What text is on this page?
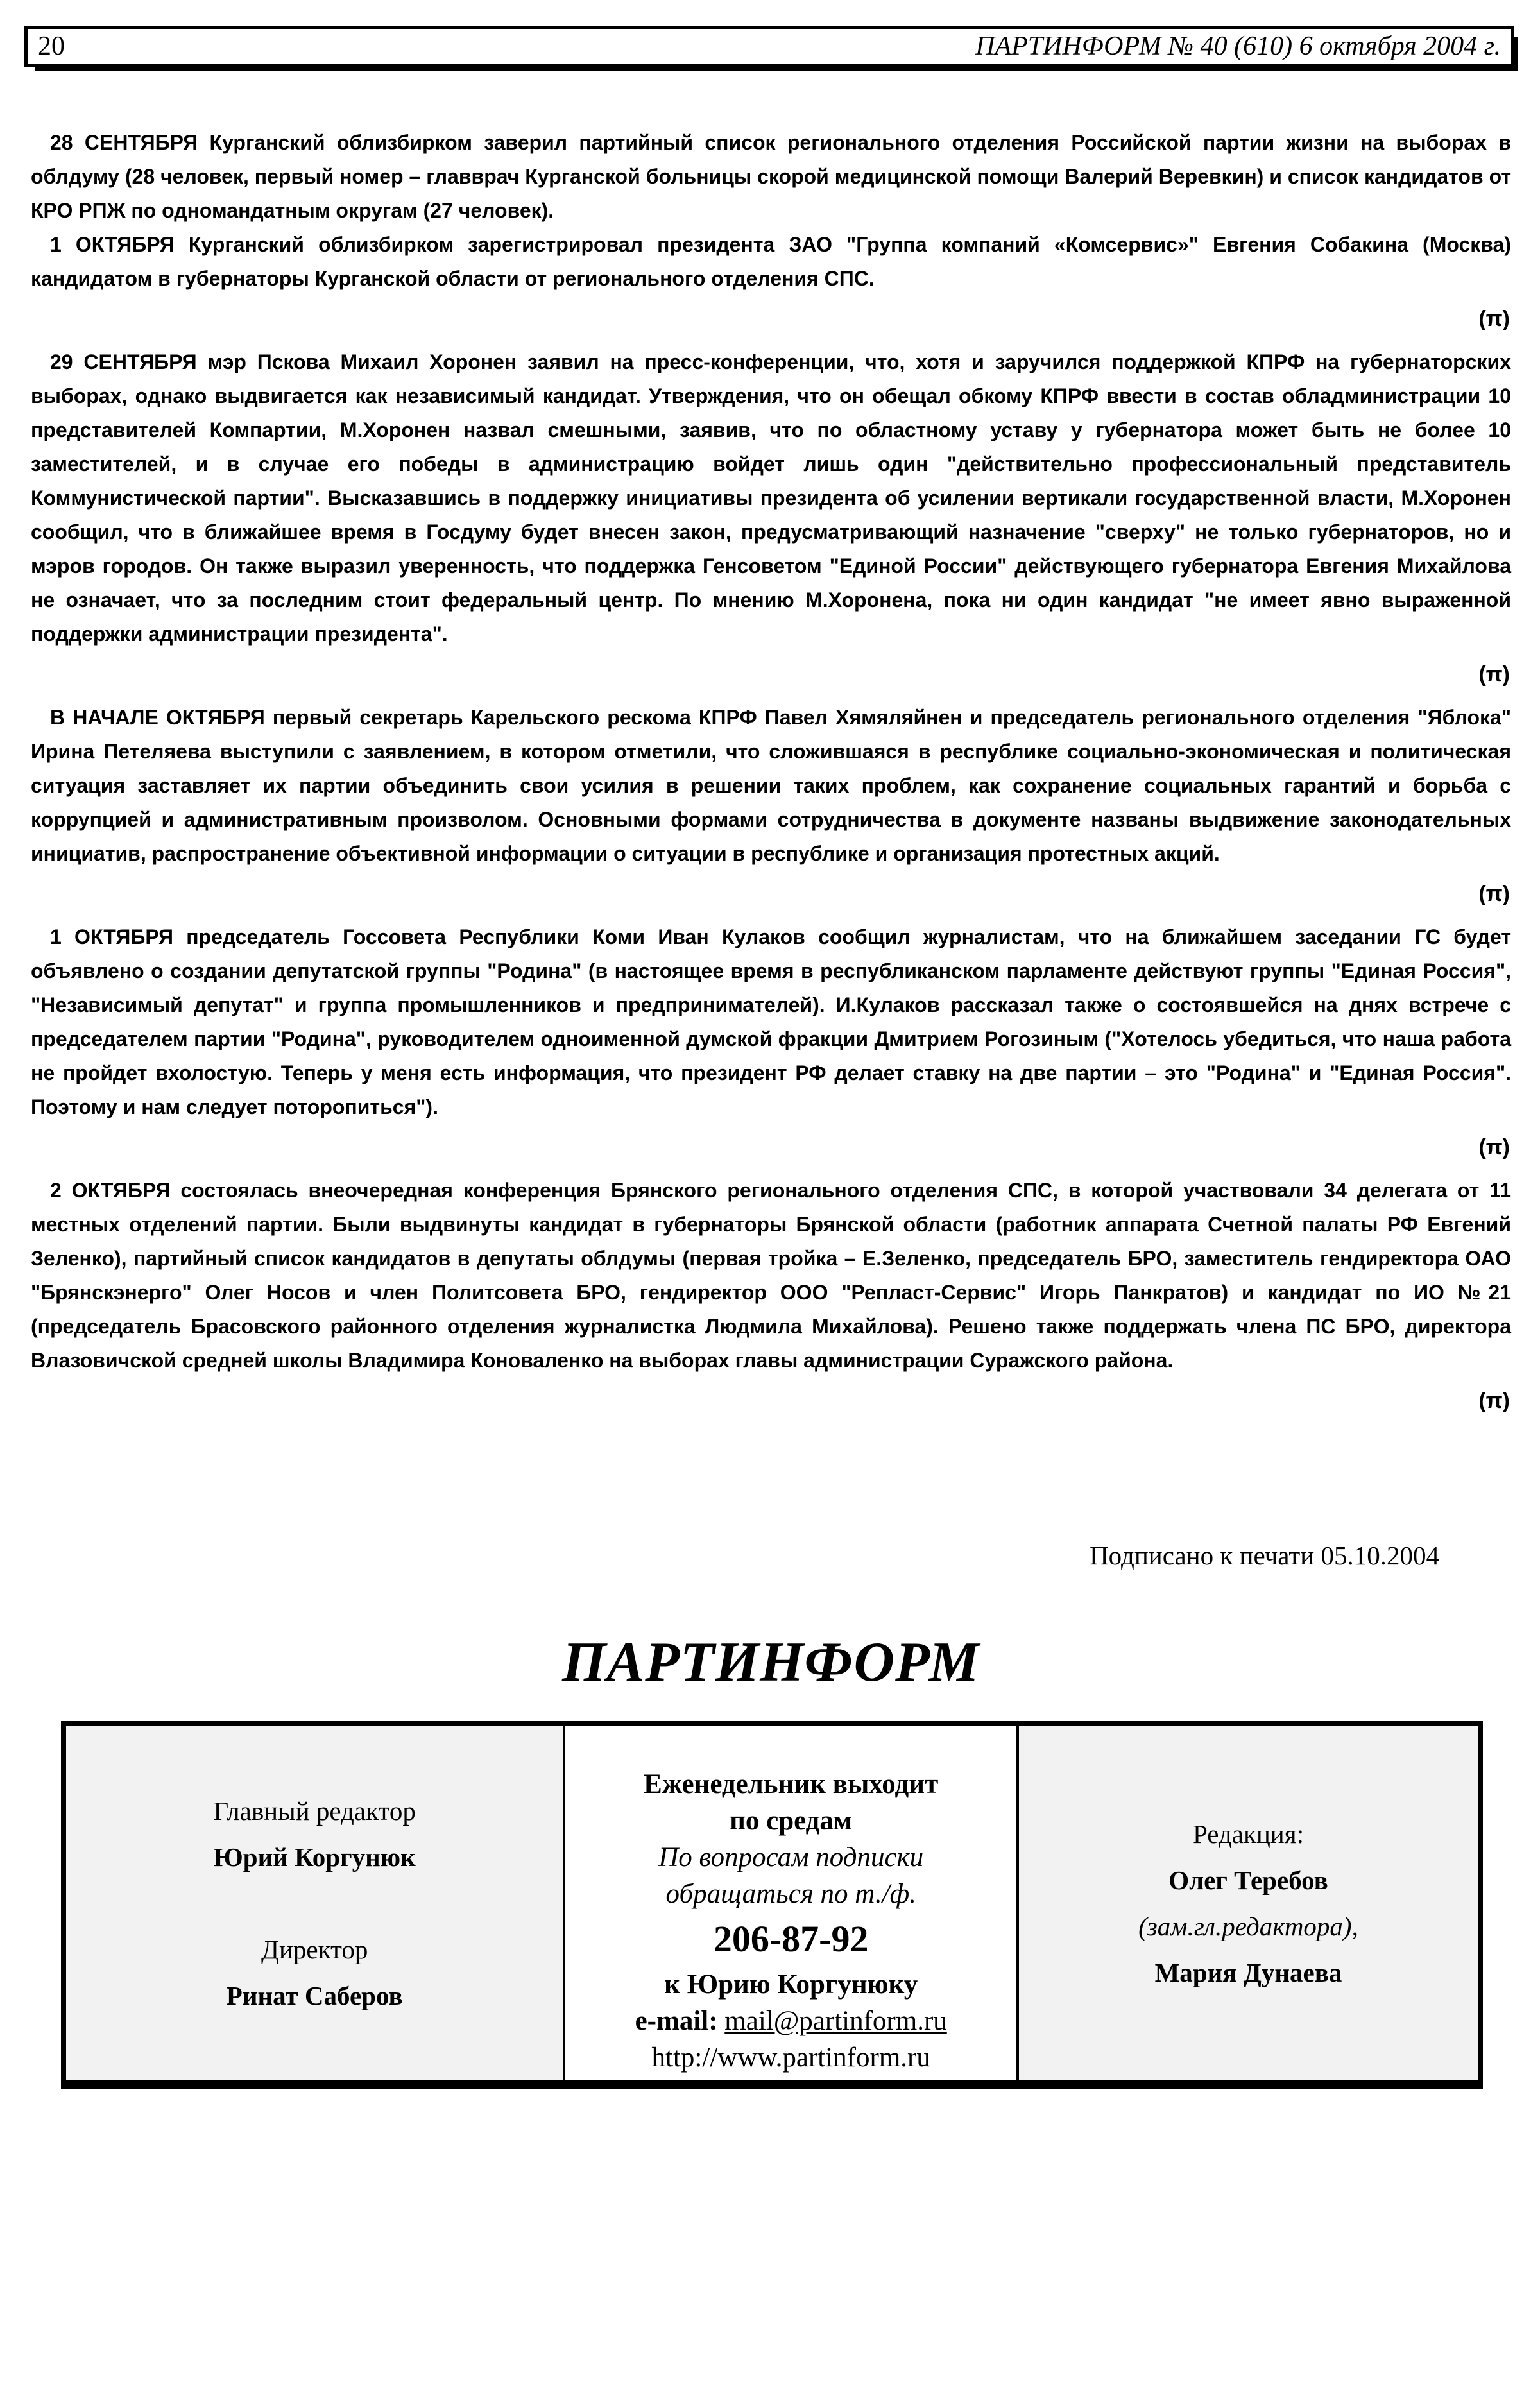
20	ПАРТИНФОРМ № 40 (610) 6 октября 2004 г.

28 СЕНТЯБРЯ Курганский облизбирком заверил партийный список регионального отделения Российской партии жизни на выборах в облдуму (28 человек, первый номер – главврач Курганской больницы скорой медицинской помощи Валерий Веревкин) и список кандидатов от КРО РПЖ по одномандатным округам (27 человек).

1 ОКТЯБРЯ Курганский облизбирком зарегистрировал президента ЗАО "Группа компаний «Комсервис»" Евгения Собакина (Москва) кандидатом в губернаторы Курганской области от регионального отделения СПС.

(π)

29 СЕНТЯБРЯ мэр Пскова Михаил Хоронен заявил на пресс-конференции, что, хотя и заручился поддержкой КПРФ на губернаторских выборах, однако выдвигается как независимый кандидат. Утверждения, что он обещал обкому КПРФ ввести в состав обладминистрации 10 представителей Компартии, М.Хоронен назвал смешными, заявив, что по областному уставу у губернатора может быть не более 10 заместителей, и в случае его победы в администрацию войдет лишь один "действительно профессиональный представитель Коммунистической партии". Высказавшись в поддержку инициативы президента об усилении вертикали государственной власти, М.Хоронен сообщил, что в ближайшее время в Госдуму будет внесен закон, предусматривающий назначение "сверху" не только губернаторов, но и мэров городов. Он также выразил уверенность, что поддержка Генсоветом "Единой России" действующего губернатора Евгения Михайлова не означает, что за последним стоит федеральный центр. По мнению М.Хоронена, пока ни один кандидат "не имеет явно выраженной поддержки администрации президента".

(π)

В НАЧАЛЕ ОКТЯБРЯ первый секретарь Карельского рескома КПРФ Павел Хямяляйнен и председатель регионального отделения "Яблока" Ирина Петеляева выступили с заявлением, в котором отметили, что сложившаяся в республике социально-экономическая и политическая ситуация заставляет их партии объединить свои усилия в решении таких проблем, как сохранение социальных гарантий и борьба с коррупцией и административным произволом. Основными формами сотрудничества в документе названы выдвижение законодательных инициатив, распространение объективной информации о ситуации в республике и организация протестных акций.

(π)

1 ОКТЯБРЯ председатель Госсовета Республики Коми Иван Кулаков сообщил журналистам, что на ближайшем заседании ГС будет объявлено о создании депутатской группы "Родина" (в настоящее время в республиканском парламенте действуют группы "Единая Россия", "Независимый депутат" и группа промышленников и предпринимателей). И.Кулаков рассказал также о состоявшейся на днях встрече с председателем партии "Родина", руководителем одноименной думской фракции Дмитрием Рогозиным ("Хотелось убедиться, что наша работа не пройдет вхолостую. Теперь у меня есть информация, что президент РФ делает ставку на две партии – это "Родина" и "Единая Россия". Поэтому и нам следует поторопиться").

(π)

2 ОКТЯБРЯ состоялась внеочередная конференция Брянского регионального отделения СПС, в которой участвовали 34 делегата от 11 местных отделений партии. Были выдвинуты кандидат в губернаторы Брянской области (работник аппарата Счетной палаты РФ Евгений Зеленко), партийный список кандидатов в депутаты облдумы (первая тройка – Е.Зеленко, председатель БРО, заместитель гендиректора ОАО "Брянскэнерго" Олег Носов и член Политсовета БРО, гендиректор ООО "Репласт-Сервис" Игорь Панкратов) и кандидат по ИО №21 (председатель Брасовского районного отделения журналистка Людмила Михайлова). Решено также поддержать члена ПС БРО, директора Влазовичской средней школы Владимира Коноваленко на выборах главы администрации Суражского района.

(π)
Подписано к печати 05.10.2004
ПАРТИНФОРМ
Главный редактор
Юрий Коргунюк
Директор
Ринат Саберов
Еженедельник выходит
по средам
По вопросам подписки
обращаться по т./ф.
206-87-92
к Юрию Коргунюку
e-mail: mail@partinform.ru
http://www.partinform.ru
Редакция:
Олег Теребов
(зам.гл.редактора),
Мария Дунаева
